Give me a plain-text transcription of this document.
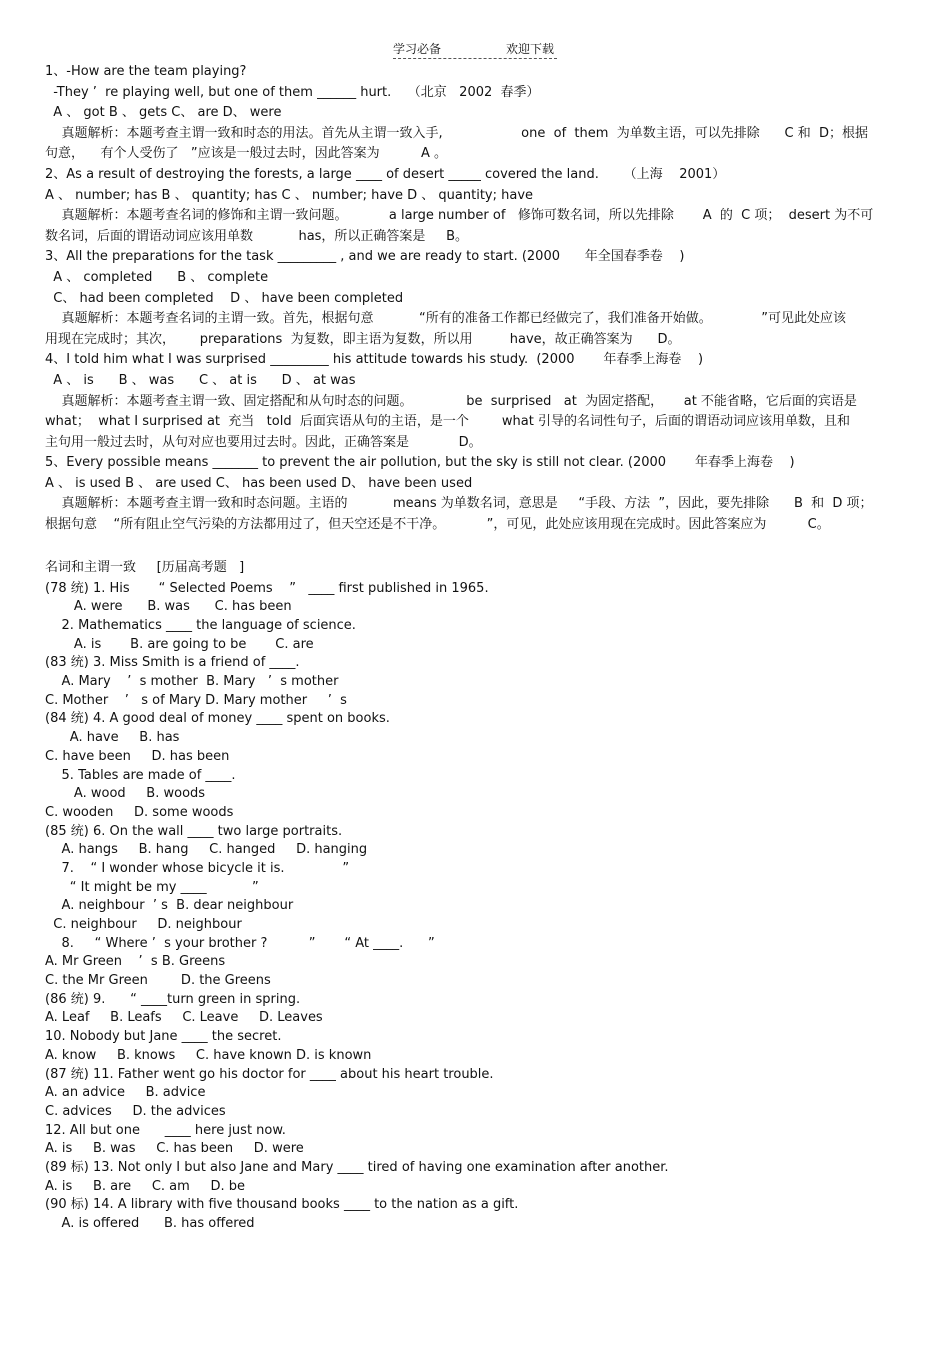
学习必备	欢迎下载
1、-How are the team playing?
-They ’  re playing well, but one of them ______ hurt.    （北京   2002  春季）
A 、 got B 、 gets C、 are D、 were
真题解析：本题考查主谓一致和时态的用法。首先从主谓一致入手,                   one  of  them  为单数主语，可以先排除      C 和  D；根据
句意，    有个人受伤了   ”应该是一般过去时，因此答案为          A 。
2、As a result of destroying the forests, a large ____ of desert _____ covered the land.      （上海    2001）
A 、 number; has B 、 quantity; has C 、 number; have D 、 quantity; have
真题解析：本题考查名词的修饰和主谓一致问题。          a large number of   修饰可数名词，所以先排除       A  的  C 项；  desert 为不可
数名词，后面的谓语动词应该用单数           has，所以正确答案是     B。
3、All the preparations for the task _________ , and we are ready to start. (2000      年全国春季卷    )
A 、 completed      B 、 complete
C、 had been completed    D 、 have been completed
真题解析：本题考查名词的主谓一致。首先，根据句意           “所有的准备工作都已经做完了，我们准备开始做。            ”可见此处应该
用现在完成时；其次，      preparations  为复数，即主语为复数，所以用         have，故正确答案为      D。
4、I told him what I was surprised _________ his attitude towards his study.  (2000       年春季上海卷    )
A 、 is      B 、 was      C 、 at is      D 、 at was
真题解析：本题考查主谓一致、固定搭配和从句时态的问题。             be  surprised   at  为固定搭配，     at 不能省略，它后面的宾语是
what；  what I surprised at  充当   told  后面宾语从句的主语，是一个        what 引导的名词性句子，后面的谓语动词应该用单数，且和
主句用一般过去时，从句对应也要用过去时。因此，正确答案是            D。
5、Every possible means _______ to prevent the air pollution, but the sky is still not clear. (2000       年春季上海卷    )
A 、 is used B 、 are used C、 has been used D、 have been used
真题解析：本题考查主谓一致和时态问题。主语的           means 为单数名词，意思是     “手段、方法  ”，因此，要先排除      B  和  D 项；
根据句意    “所有阻止空气污染的方法都用过了，但天空还是不干净。          ”，可见，此处应该用现在完成时。因此答案应为          C。
名词和主谓一致     [历届高考题   ]
(78 统) 1. His       “ Selected Poems    ”   ____ first published in 1965.
A. were      B. was      C. has been
2. Mathematics ____ the language of science.
A. is       B. are going to be       C. are
(83 统) 3. Miss Smith is a friend of ____.
A. Mary    ’  s mother  B. Mary   ’  s mother
C. Mother    ’   s of Mary D. Mary mother     ’  s
(84 统) 4. A good deal of money ____ spent on books.
A. have     B. has
C. have been     D. has been
5. Tables are made of ____.
A. wood     B. woods
C. wooden     D. some woods
(85 统) 6. On the wall ____ two large portraits.
A. hangs     B. hang     C. hanged     D. hanging
7.    “ I wonder whose bicycle it is.              ”
“ It might be my ____           ”
A. neighbour  ’ s  B. dear neighbour
C. neighbour     D. neighbour
8.     “ Where ’  s your brother ?          ”       “ At ____.      ”
A. Mr Green    ’  s B. Greens
C. the Mr Green        D. the Greens
(86 统) 9.      “ ____turn green in spring.
A. Leaf     B. Leafs     C. Leave     D. Leaves
10. Nobody but Jane ____ the secret.
A. know     B. knows     C. have known D. is known
(87 统) 11. Father went go his doctor for ____ about his heart trouble.
A. an advice     B. advice
C. advices     D. the advices
12. All but one      ____ here just now.
A. is     B. was     C. has been     D. were
(89 标) 13. Not only I but also Jane and Mary ____ tired of having one examination after another.
A. is     B. are     C. am     D. be
(90 标) 14. A library with five thousand books ____ to the nation as a gift.
A. is offered      B. has offered
